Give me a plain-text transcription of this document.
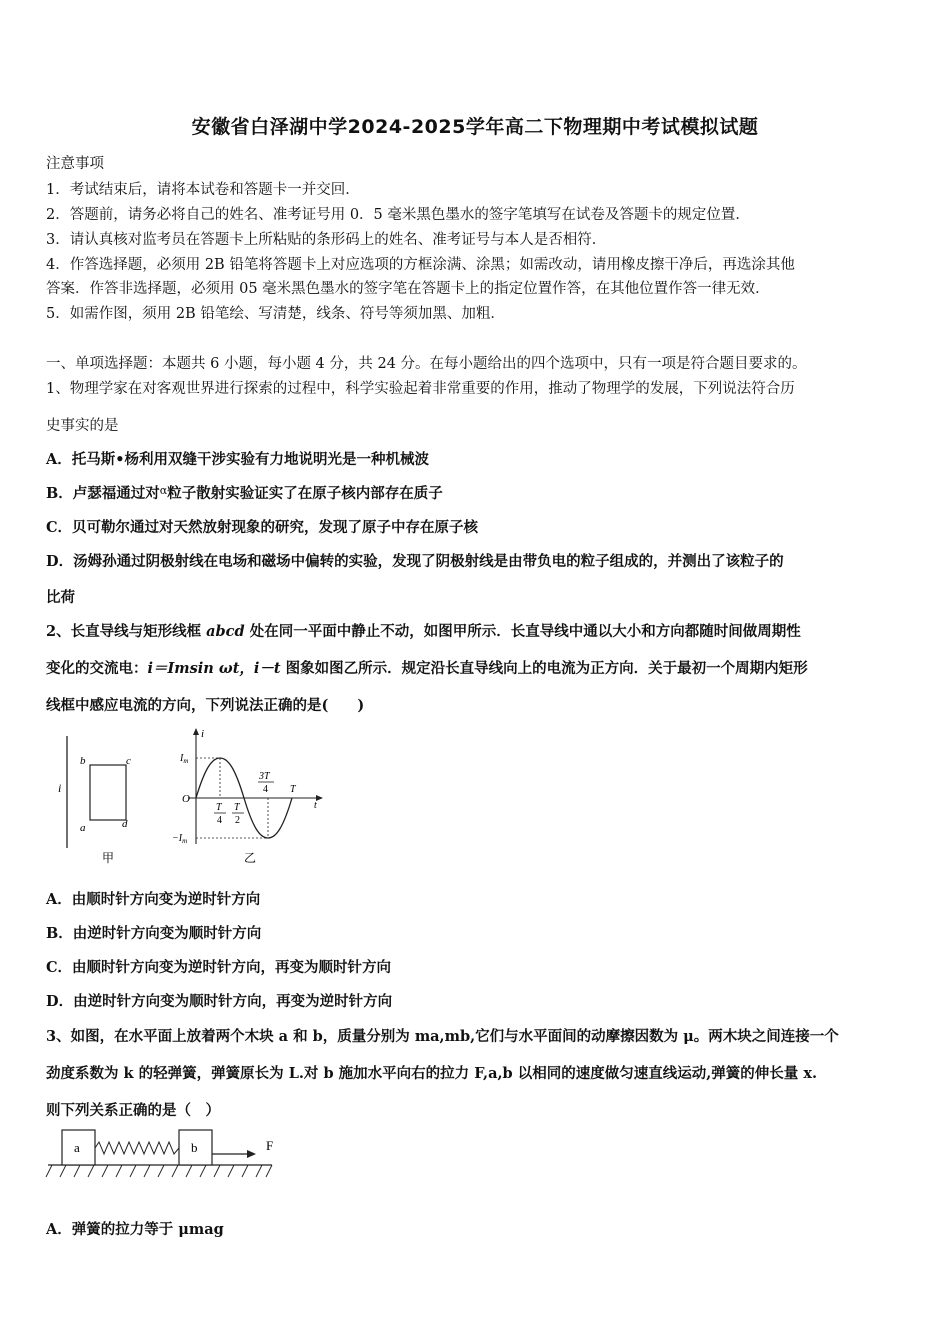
安徽省白泽湖中学2024-2025学年高二下物理期中考试模拟试题
注意事项
1．考试结束后，请将本试卷和答题卡一并交回．
2．答题前，请务必将自己的姓名、准考证号用 0．5 毫米黑色墨水的签字笔填写在试卷及答题卡的规定位置．
3．请认真核对监考员在答题卡上所粘贴的条形码上的姓名、准考证号与本人是否相符．
4．作答选择题，必须用 2B 铅笔将答题卡上对应选项的方框涂满、涂黑；如需改动，请用橡皮擦干净后，再选涂其他
答案．作答非选择题，必须用 05 毫米黑色墨水的签字笔在答题卡上的指定位置作答，在其他位置作答一律无效．
5．如需作图，须用 2B 铅笔绘、写清楚，线条、符号等须加黑、加粗．
一、单项选择题：本题共 6 小题，每小题 4 分，共 24 分。在每小题给出的四个选项中，只有一项是符合题目要求的。
1、物理学家在对客观世界进行探索的过程中，科学实验起着非常重要的作用，推动了物理学的发展，下列说法符合历
史事实的是
A．托马斯•杨利用双缝干涉实验有力地说明光是一种机械波
B．卢瑟福通过对$^\alpha$粒子散射实验证实了在原子核内部存在质子
C．贝可勒尔通过对天然放射现象的研究，发现了原子中存在原子核
D．汤姆孙通过阴极射线在电场和磁场中偏转的实验，发现了阴极射线是由带负电的粒子组成的，并测出了该粒子的
比荷
2、长直导线与矩形线框 abcd 处在同一平面中静止不动，如图甲所示．长直导线中通以大小和方向都随时间做周期性
变化的交流电：i＝Imsin ωt，i－t 图象如图乙所示．规定沿长直导线向上的电流为正方向．关于最初一个周期内矩形
线框中感应电流的方向，下列说法正确的是(　　)
i
b	c
a	d
甲
i
$I_m$
$-I_m$
O
T
4
T
2
3T
4 T
t
乙
A．由顺时针方向变为逆时针方向
B．由逆时针方向变为顺时针方向
C．由顺时针方向变为逆时针方向，再变为顺时针方向
D．由逆时针方向变为顺时针方向，再变为逆时针方向
3、如图，在水平面上放着两个木块 a 和 b，质量分别为 ma,mb,它们与水平面间的动摩擦因数为 μ。两木块之间连接一个
劲度系数为 k 的轻弹簧，弹簧原长为 L.对 b 施加水平向右的拉力 F,a,b 以相同的速度做匀速直线运动,弹簧的伸长量 x.
则下列关系正确的是（　）
a	b	F
A．弹簧的拉力等于 μmag
